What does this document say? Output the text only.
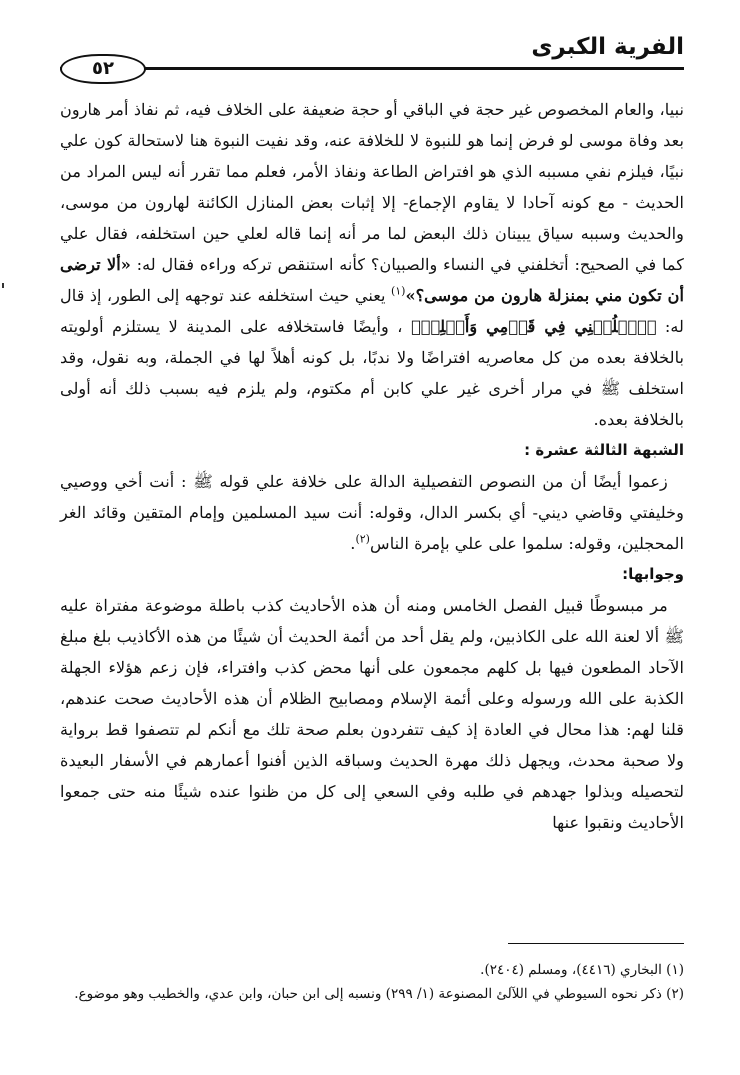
الفرية الكبرى
٥٢

نبيا، والعام المخصوص غير حجة في الباقي أو حجة ضعيفة على الخلاف فيه، ثم نفاذ أمر هارون بعد وفاة موسى لو فرض إنما هو للنبوة لا للخلافة عنه، وقد نفيت النبوة هنا لاستحالة كون علي نبيًا، فيلزم نفي مسببه الذي هو افتراض الطاعة ونفاذ الأمر، فعلم مما تقرر أنه ليس المراد من الحديث - مع كونه آحادا لا يقاوم الإجماع- إلا إثبات بعض المنازل الكائنة لهارون من موسى، والحديث وسببه سياق يبينان ذلك البعض لما مر أنه إنما قاله لعلي حين استخلفه، فقال علي كما في الصحيح: أتخلفني في النساء والصبيان؟ كأنه استنقص تركه وراءه فقال له: «ألا ترضى أن تكون مني بمنزلة هارون من موسى؟»$^{(١)}$ يعني حيث استخلفه عند توجهه إلى الطور، إذ قال له: ﴿ٱخۡلُفۡنِي فِي قَوۡمِي وَأَصۡلِحۡ﴾ ، وأيضًا فاستخلافه على المدينة لا يستلزم أولويته بالخلافة بعده من كل معاصريه افتراضًا ولا ندبًا، بل كونه أهلاً لها في الجملة، وبه نقول، وقد استخلف ﷺ في مرار أخرى غير علي كابن أم مكتوم، ولم يلزم فيه بسبب ذلك أنه أولى بالخلافة بعده.

الشبهة الثالثة عشرة :

 زعموا أيضًا أن من النصوص التفصيلية الدالة على خلافة علي قوله ﷺ : أنت أخي ووصيي وخليفتي وقاضي ديني- أي بكسر الدال، وقوله: أنت سيد المسلمين وإمام المتقين وقائد الغر المحجلين، وقوله: سلموا على علي بإمرة الناس$^{(٢)}$.

وجوابها:

 مر مبسوطًا قبيل الفصل الخامس ومنه أن هذه الأحاديث كذب باطلة موضوعة مفتراة عليه ﷺ ألا لعنة الله على الكاذبين، ولم يقل أحد من أئمة الحديث أن شيئًا من هذه الأكاذيب بلغ مبلغ الآحاد المطعون فيها بل كلهم مجمعون على أنها محض كذب وافتراء، فإن زعم هؤلاء الجهلة الكذبة على الله ورسوله وعلى أئمة الإسلام ومصابيح الظلام أن هذه الأحاديث صحت عندهم، قلنا لهم: هذا محال في العادة إذ كيف تتفردون بعلم صحة تلك مع أنكم لم تتصفوا قط برواية ولا صحبة محدث، ويجهل ذلك مهرة الحديث وسباقه الذين أفنوا أعمارهم في الأسفار البعيدة لتحصيله وبذلوا جهدهم في طلبه وفي السعي إلى كل من ظنوا عنده شيئًا منه حتى جمعوا الأحاديث ونقبوا عنها

(١) البخاري (٤٤١٦)، ومسلم (٢٤٠٤).

(٢) ذكر نحوه السيوطي في اللآلئ المصنوعة (١/ ٢٩٩) ونسبه إلى ابن حبان، وابن عدي، والخطيب وهو موضوع.
